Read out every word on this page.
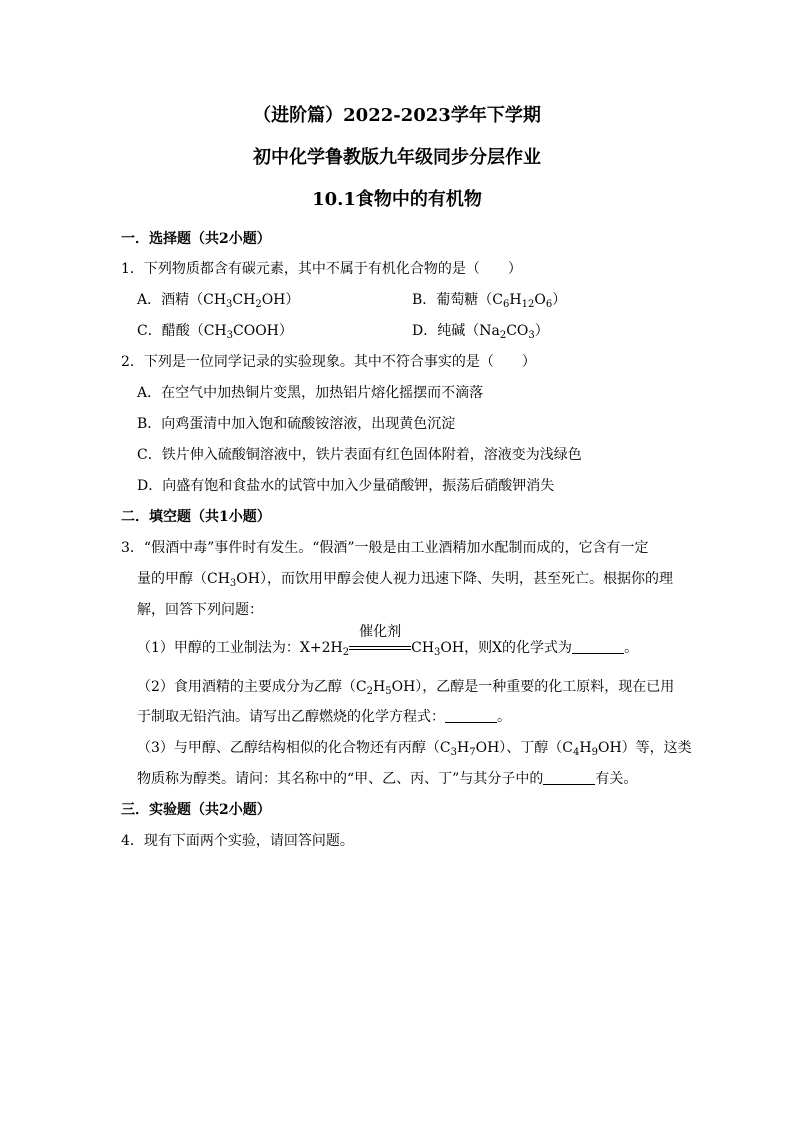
（进阶篇）2022-2023学年下学期
初中化学鲁教版九年级同步分层作业
10.1食物中的有机物
一．选择题（共2小题）
1．下列物质都含有碳元素，其中不属于有机化合物的是（　　）
A．酒精$(CH_3CH_2OH)$	B．葡萄糖$(C_6H_{12}O_6)$
C．醋酸$(CH_3COOH)$	D．纯碱$(Na_2CO_3)$
2．下列是一位同学记录的实验现象。其中不符合事实的是（　　）
A．在空气中加热铜片变黑，加热铝片熔化摇摆而不滴落
B．向鸡蛋清中加入饱和硫酸铵溶液，出现黄色沉淀
C．铁片伸入硫酸铜溶液中，铁片表面有红色固体附着，溶液变为浅绿色
D．向盛有饱和食盐水的试管中加入少量硝酸钾，振荡后硝酸钾消失
二．填空题（共1小题）
3．“假酒中毒”事件时有发生。“假酒”一般是由工业酒精加水配制而成的，它含有一定
量的甲醇$(CH_3OH)$，而饮用甲醇会使人视力迅速下降、失明，甚至死亡。根据你的理
解，回答下列问题：
（1）甲醇的工业制法为：$X+2H_2$
催化剂
$CH_3OH$，则X的化学式为	。
（2）食用酒精的主要成分为乙醇$(C_2H_5OH)$，乙醇是一种重要的化工原料，现在已用
于制取无铅汽油。请写出乙醇燃烧的化学方程式：	。
（3）与甲醇、乙醇结构相似的化合物还有丙醇$(C_3H_7OH)$、丁醇$(C_4H_9OH)$等，这类
物质称为醇类。请问：其名称中的“甲、乙、丙、丁”与其分子中的	有关。
三．实验题（共2小题）
4．现有下面两个实验，请回答问题。
